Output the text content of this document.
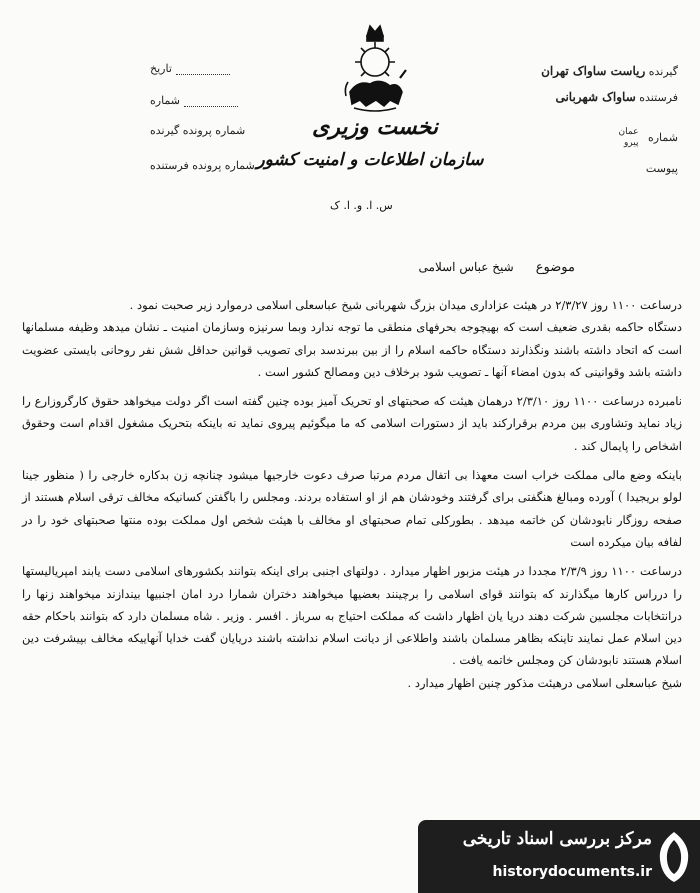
گیرنده ریاست ساواک تهران
فرستنده ساواک شهربانی
شماره عمان
پیرو
پیوست
تاریخ
شماره
شماره پرونده گیرنده
شماره پرونده فرستنده
نخست وزیری
سازمان اطلاعات و امنیت کشور
س. ا. و. ا. ک
موضوع شیخ عباس اسلامی

درساعت ۱۱۰۰ روز ۲/۳/۲۷ در هیئت عزاداری میدان بزرگ شهربانی شیخ عباسعلی اسلامی درموارد زیر صحبت نمود .

دستگاه حاکمه بقدری ضعیف است که بهیچوجه بحرفهای منطقی ما توجه ندارد وبما سرنیزه وسازمان امنیت ـ نشان میدهد وظیفه مسلمانها است که اتحاد داشته باشند ونگذارند دستگاه حاکمه اسلام را از بین ببرندسد برای تصویب قوانین حداقل شش نفر روحانی بایستی عضویت داشته باشد وقوانینی که بدون امضاء آنها ـ تصویب شود برخلاف دین ومصالح کشور است .

نامبرده درساعت ۱۱۰۰ روز ۲/۳/۱۰ درهمان هیئت که صحبتهای او تحریک آمیز بوده چنین گفته است اگر دولت میخواهد حقوق کارگروزارع را زیاد نماید وتشاوری بین مردم برقرارکند باید از دستورات اسلامی که ما میگوئیم پیروی نماید نه باینکه بتحریک مشغول اقدام است وحقوق اشخاص را پایمال کند .

باینکه وضع مالی مملکت خراب است معهذا بی اتفال مردم مرتبا صرف دعوت خارجیها میشود چنانچه زن بدکاره خارجی را ( منظور جینا لولو بریجیدا ) آورده ومبالغ هنگفتی برای گرفتند وخودشان هم از او استفاده بردند. ومجلس را باگفتن کسانیکه مخالف ترقی اسلام هستند از صفحه روزگار نابودشان کن خاتمه میدهد . بطورکلی تمام صحبتهای او مخالف با هیئت شخص اول مملکت بوده منتها صحبتهای خود را در لفافه بیان میکرده است

درساعت ۱۱۰۰ روز ۲/۳/۹ مجددا در هیئت مزبور اظهار میدارد . دولتهای اجنبی برای اینکه بتوانند بکشورهای اسلامی دست یابند امپریالیستها را درراس کارها میگذارند که بتوانند قوای اسلامی را برچینند بعضیها میخواهند دختران شمارا درد امان اجنبیها بیندازند میخواهند زنها را درانتخابات مجلسین شرکت دهند دریا یان اظهار داشت که مملکت احتیاج به سرباز . افسر . وزیر . شاه مسلمان دارد که بتوانند باحکام حقه دین اسلام عمل نمایند تاینکه بظاهر مسلمان باشند واطلاعی از دیانت اسلام نداشته باشند دریایان گفت خدایا آنهاییکه مخالف بپیشرفت دین اسلام هستند نابودشان کن ومجلس خاتمه یافت .

شیخ عباسعلی اسلامی درهیئت مذکور چنین اظهار میدارد .

مرکز بررسی اسناد تاریخی
historydocuments.ir
